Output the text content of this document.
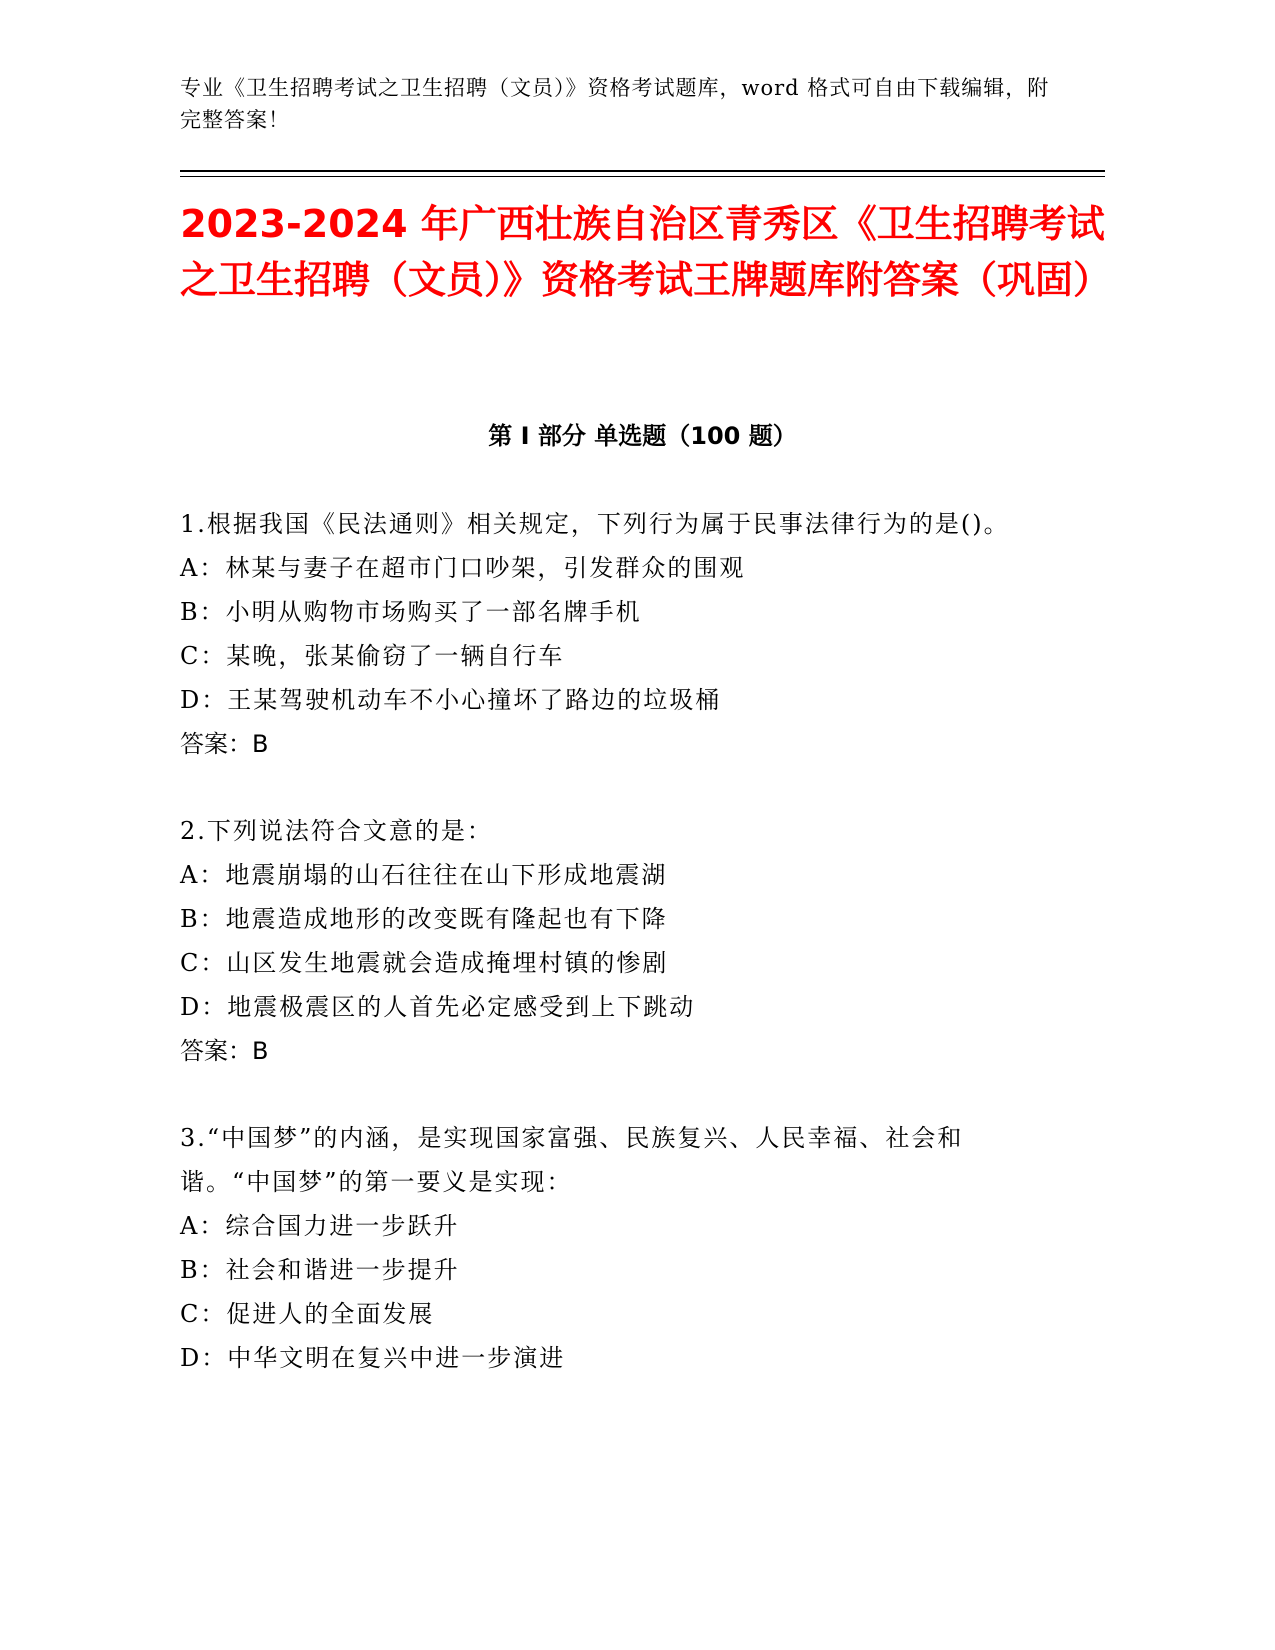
专业《卫生招聘考试之卫生招聘（文员）》资格考试题库，word 格式可自由下载编辑，附完整答案！
2023-2024 年广西壮族自治区青秀区《卫生招聘考试之卫生招聘（文员）》资格考试王牌题库附答案（巩固）
第 I 部分 单选题（100 题）
1.根据我国《民法通则》相关规定，下列行为属于民事法律行为的是()。
A：林某与妻子在超市门口吵架，引发群众的围观
B：小明从购物市场购买了一部名牌手机
C：某晚，张某偷窃了一辆自行车
D：王某驾驶机动车不小心撞坏了路边的垃圾桶
答案：B
2.下列说法符合文意的是：
A：地震崩塌的山石往往在山下形成地震湖
B：地震造成地形的改变既有隆起也有下降
C：山区发生地震就会造成掩埋村镇的惨剧
D：地震极震区的人首先必定感受到上下跳动
答案：B
3.“中国梦”的内涵，是实现国家富强、民族复兴、人民幸福、社会和谐。“中国梦”的第一要义是实现：
A：综合国力进一步跃升
B：社会和谐进一步提升
C：促进人的全面发展
D：中华文明在复兴中进一步演进
